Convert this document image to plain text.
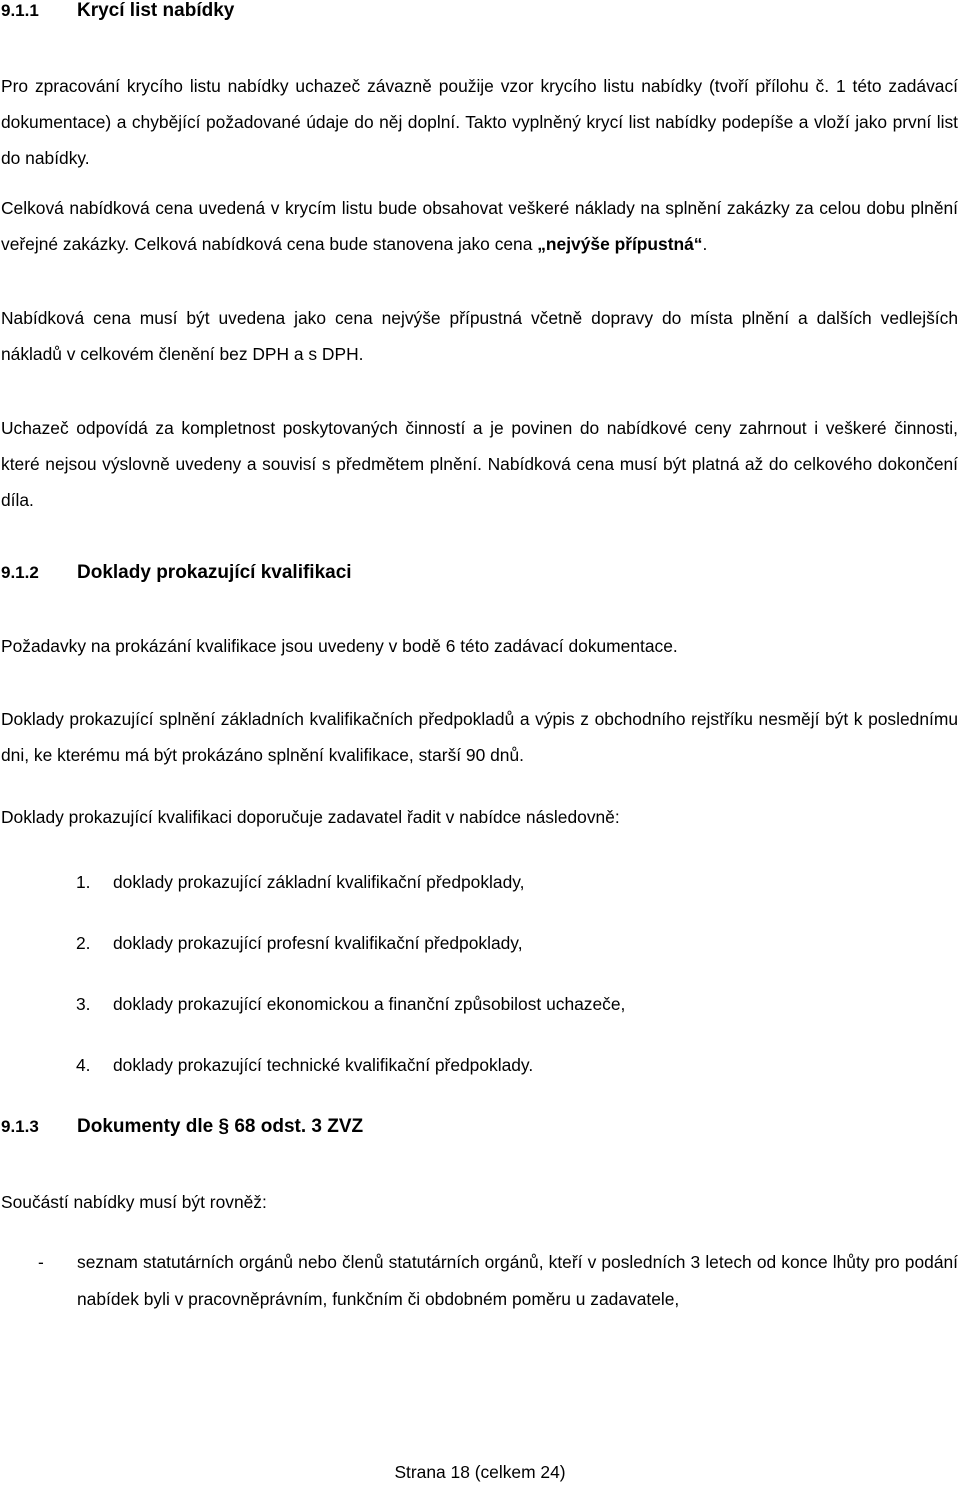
9.1.1 Krycí list nabídky
Pro zpracování krycího listu nabídky uchazeč závazně použije vzor krycího listu nabídky (tvoří přílohu č. 1 této zadávací dokumentace) a chybějící požadované údaje do něj doplní. Takto vyplněný krycí list nabídky podepíše a vloží jako první list do nabídky.
Celková nabídková cena uvedená v krycím listu bude obsahovat veškeré náklady na splnění zakázky za celou dobu plnění veřejné zakázky. Celková nabídková cena bude stanovena jako cena „nejvýše přípustná“.
Nabídková cena musí být uvedena jako cena nejvýše přípustná včetně dopravy do místa plnění a dalších vedlejších nákladů v celkovém členění bez DPH a s DPH.
Uchazeč odpovídá za kompletnost poskytovaných činností a je povinen do nabídkové ceny zahrnout i veškeré činnosti, které nejsou výslovně uvedeny a souvisí s předmětem plnění. Nabídková cena musí být platná až do celkového dokončení díla.
9.1.2 Doklady prokazující kvalifikaci
Požadavky na prokázání kvalifikace jsou uvedeny v bodě 6 této zadávací dokumentace.
Doklady prokazující splnění základních kvalifikačních předpokladů a výpis z obchodního rejstříku nesmějí být k poslednímu dni, ke kterému má být prokázáno splnění kvalifikace, starší 90 dnů.
Doklady prokazující kvalifikaci doporučuje zadavatel řadit v nabídce následovně:
1. doklady prokazující základní kvalifikační předpoklady,
2. doklady prokazující profesní kvalifikační předpoklady,
3. doklady prokazující ekonomickou a finanční způsobilost uchazeče,
4. doklady prokazující technické kvalifikační předpoklady.
9.1.3 Dokumenty dle § 68 odst. 3 ZVZ
Součástí nabídky musí být rovněž:
- seznam statutárních orgánů nebo členů statutárních orgánů, kteří v posledních 3 letech od konce lhůty pro podání nabídek byli v pracovněprávním, funkčním či obdobném poměru u zadavatele,
Strana 18 (celkem 24)
